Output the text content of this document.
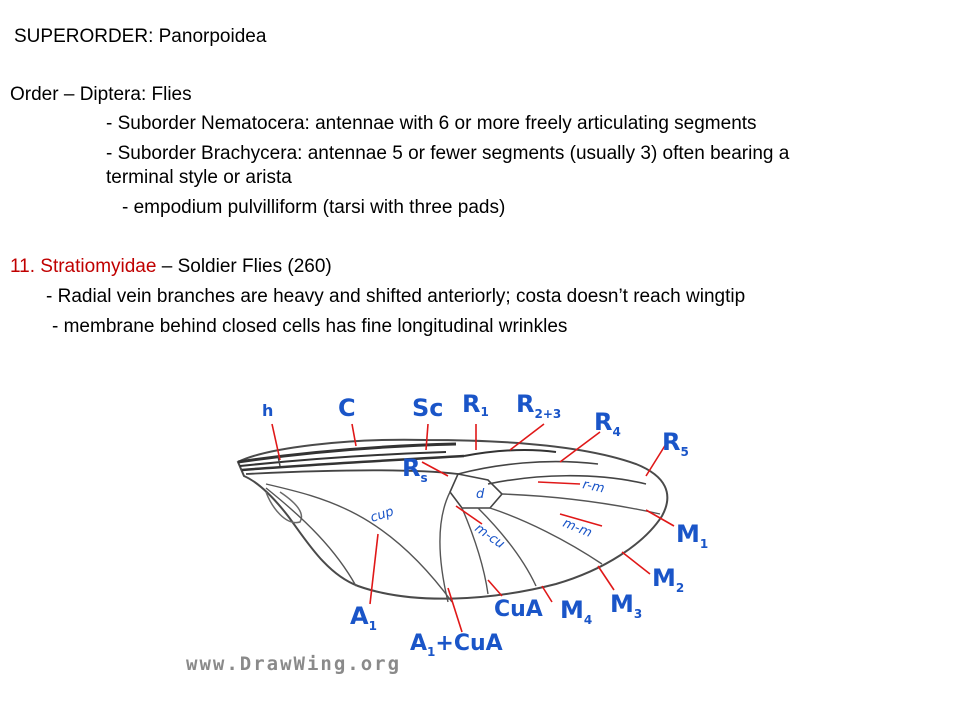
SUPERORDER: Panorpoidea
Order – Diptera: Flies
- Suborder Nematocera: antennae with 6 or more freely articulating segments
- Suborder Brachycera: antennae 5 or fewer segments (usually 3) often bearing a
terminal style or arista
- empodium pulvilliform (tarsi with three pads)
11. Stratiomyidae – Soldier Flies (260)
- Radial vein branches are heavy and shifted anteriorly; costa doesn’t reach wingtip
- membrane behind closed cells has fine longitudinal wrinkles
h	C Sc R1 $R_{2+3}$ $R_4$ $R_5$
$R_s$
$M_1$
$M_2$
$M_3$
$M_4$
CuA
$A_1$
$A_1+CuA$
d	r-m
m-m
m-cu
cup
www.DrawWing.org
